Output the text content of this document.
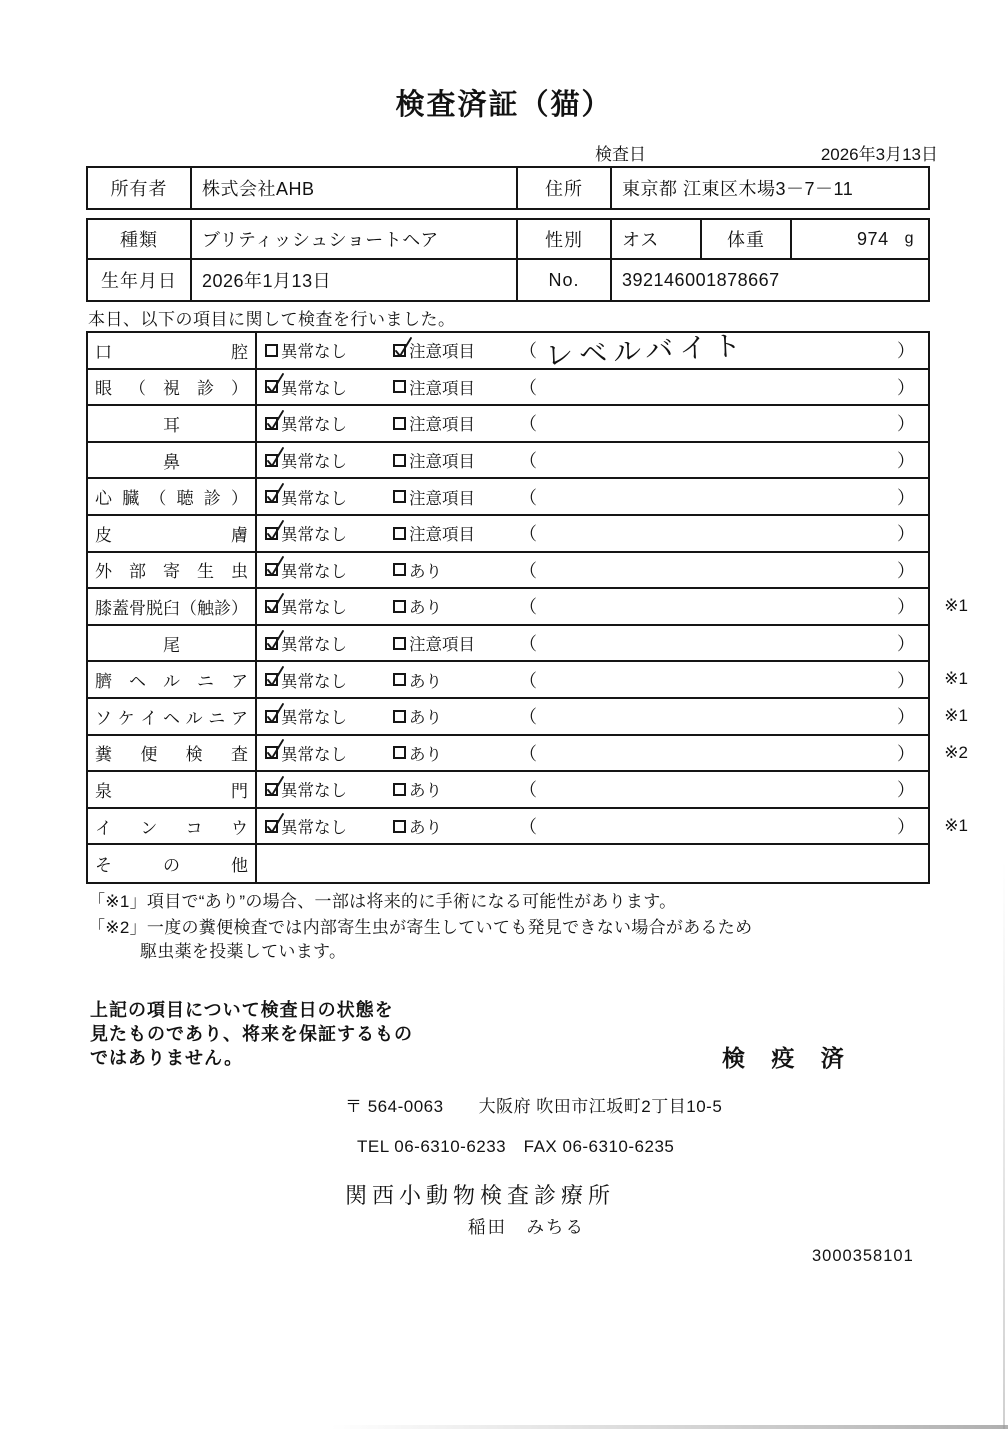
検査済証（猫）
検査日	2026年3月13日
所有者	株式会社AHB	住所	東京都 江東区木場3－7－11
種類	ブリティッシュショートヘア	性別	オス	体重	974 g
生年月日	2026年1月13日	No.	392146001878667
本日、以下の項目に関して検査を行いました。
口	腔 異常なし	注意項目 （ レベルバイト	）
眼 （ 視 診 ） 異常なし	注意項目 （	）
耳	異常なし	注意項目 （	）
鼻	異常なし	注意項目 （	）
心 臓 （ 聴 診 ） 異常なし	注意項目 （	）
皮	膚 異常なし	注意項目 （	）
外 部 寄 生 虫 異常なし	あり	（	）
膝 蓋 骨 脱 臼 （ 触 診 ） 異常なし	あり	（	） ※1
尾	異常なし	注意項目 （	）
臍 ヘ ル ニ ア 異常なし	あり	（	） ※1
ソ ケ イ ヘ ル ニ ア 異常なし	あり	（	） ※1
糞 便 検 査 異常なし	あり	（	） ※2
泉	門 異常なし	あり	（	）
イ ン コ ウ 異常なし	あり	（	） ※1
そ	の	他
「※1」項目で“あり”の場合、一部は将来的に手術になる可能性があります。
「※2」一度の糞便検査では内部寄生虫が寄生していても発見できない場合があるため
駆虫薬を投薬しています。
上記の項目について検査日の状態を
見たものであり、将来を保証するもの
ではありません。	検 疫 済
〒 564-0063　　大阪府 吹田市江坂町2丁目10-5
TEL 06-6310-6233　FAX 06-6310-6235
関西小動物検査診療所
稲田　みちる
3000358101
